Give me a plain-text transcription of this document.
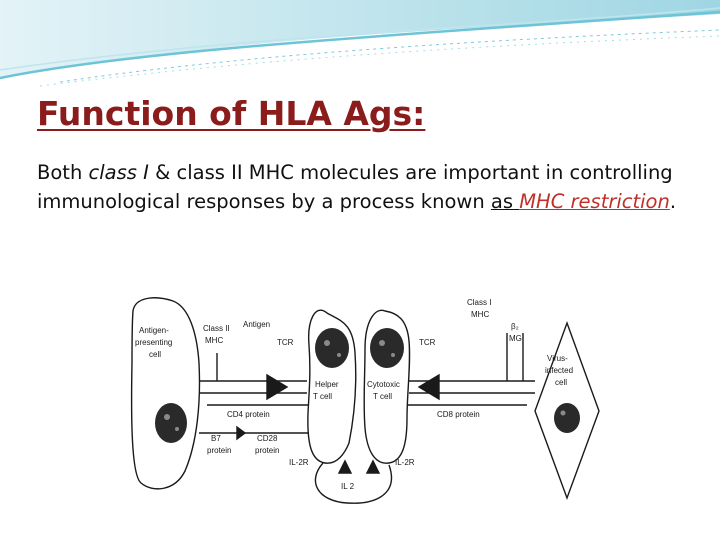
Function of HLA Ags:

Both class I & class II MHC molecules are important in controlling immunological responses by a process known as MHC restriction.

Antigen-
presenting
cell
Class II
MHC
Antigen
TCR	TCR
Class I
MHC
β₂
MG
Helper
T cell
Cytotoxic
T cell
Virus-
infected
cell
CD4 protein	CD8 protein
B7
protein
CD28
protein
IL-2R	IL-2R
IL 2
